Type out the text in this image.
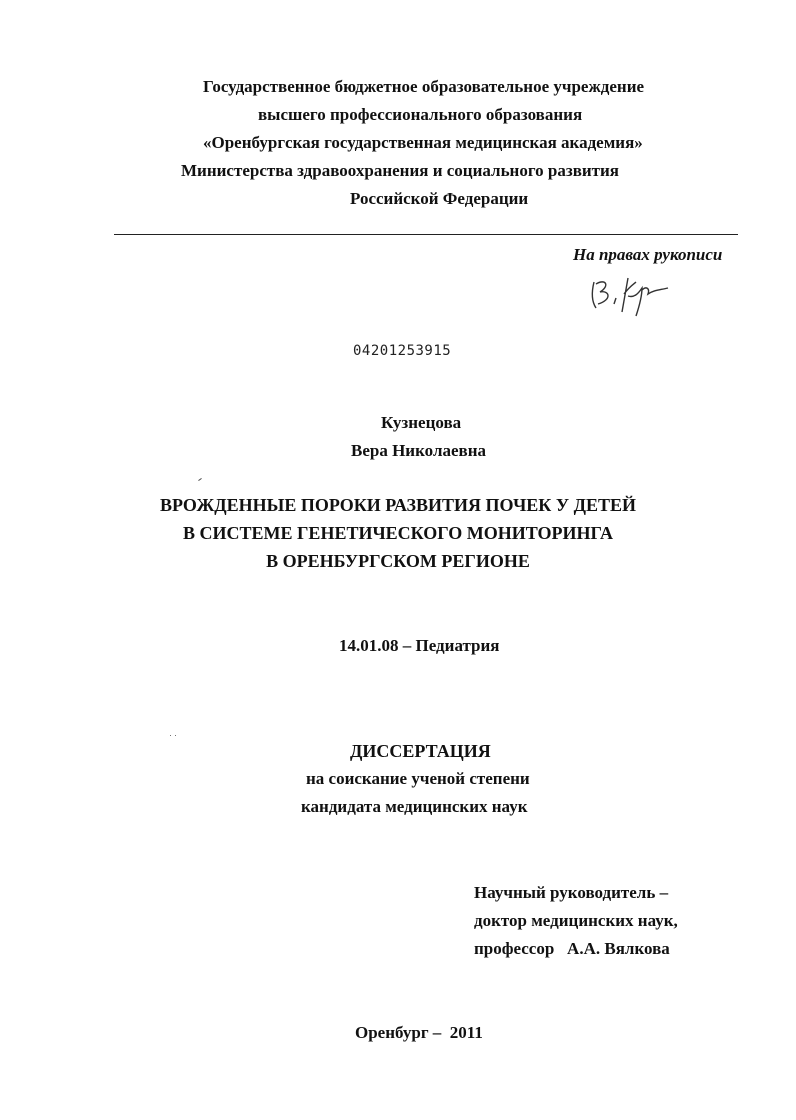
Государственное бюджетное образовательное учреждение
высшего профессионального образования
«Оренбургская государственная медицинская академия»
Министерства здравоохранения и социального развития
Российской Федерации
На правах рукописи
04201253915
Кузнецова
Вера Николаевна
ВРОЖДЕННЫЕ ПОРОКИ РАЗВИТИЯ ПОЧЕК У ДЕТЕЙ
В СИСТЕМЕ ГЕНЕТИЧЕСКОГО МОНИТОРИНГА
В ОРЕНБУРГСКОМ РЕГИОНЕ
14.01.08 – Педиатрия
ДИССЕРТАЦИЯ
на соискание ученой степени
кандидата медицинских наук
Научный руководитель –
доктор медицинских наук,
профессор   А.А. Вялкова
Оренбург –  2011
